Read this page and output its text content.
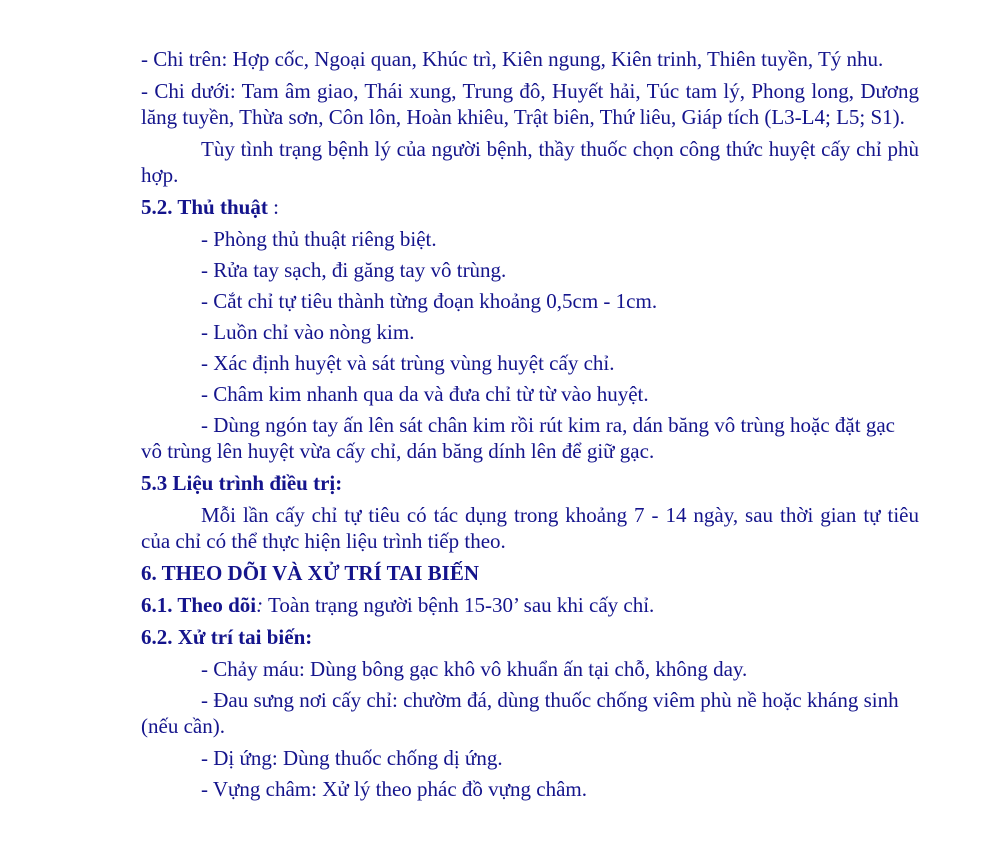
- Chi trên: Hợp cốc, Ngoại quan, Khúc trì, Kiên ngung, Kiên trinh, Thiên tuyền, Tý nhu.

- Chi dưới: Tam âm giao, Thái xung, Trung đô, Huyết hải, Túc tam lý, Phong long, Dương lăng tuyền, Thừa sơn, Côn lôn, Hoàn khiêu, Trật biên, Thứ liêu, Giáp tích (L3-L4; L5; S1).

Tùy tình trạng bệnh lý của người bệnh, thầy thuốc chọn công thức huyệt cấy chỉ phù hợp.

5.2. Thủ thuật :

- Phòng thủ thuật riêng biệt.
- Rửa tay sạch, đi găng tay vô trùng.
- Cắt chỉ tự tiêu thành từng đoạn khoảng 0,5cm - 1cm.
- Luồn chỉ vào nòng kim.
- Xác định huyệt và sát trùng vùng huyệt cấy chỉ.
- Châm kim nhanh qua da và đưa chỉ từ từ vào huyệt.
- Dùng ngón tay ấn lên sát chân kim rồi rút kim ra, dán băng vô trùng hoặc đặt gạc vô trùng lên huyệt vừa cấy chỉ, dán băng dính lên để giữ gạc.

5.3 Liệu trình điều trị:

Mỗi lần cấy chỉ tự tiêu có tác dụng trong khoảng 7 - 14 ngày, sau thời gian tự tiêu của chỉ có thể thực hiện liệu trình tiếp theo.

6. THEO DÕI VÀ XỬ TRÍ TAI BIẾN

6.1. Theo dõi: Toàn trạng người bệnh 15-30’ sau khi cấy chỉ.

6.2. Xử trí tai biến:

- Chảy máu: Dùng bông gạc khô vô khuẩn ấn tại chỗ, không day.
- Đau sưng nơi cấy chỉ: chườm đá, dùng thuốc chống viêm phù nề hoặc kháng sinh (nếu cần).
- Dị ứng: Dùng thuốc chống dị ứng.
- Vựng châm: Xử lý theo phác đồ vựng châm.
